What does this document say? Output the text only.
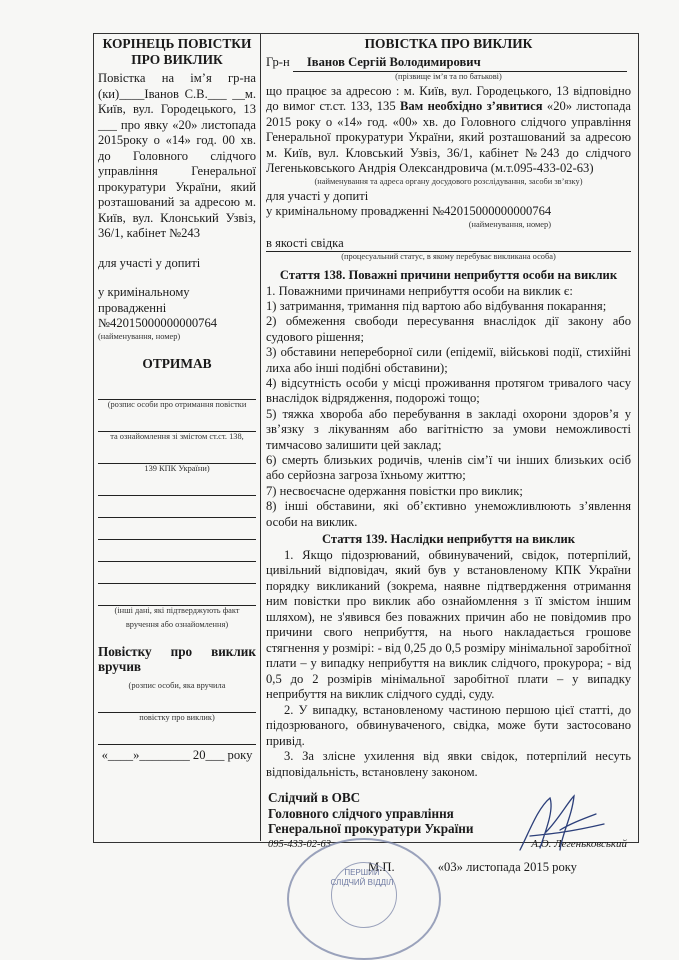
КОРІНЕЦЬ ПОВІСТКИ ПРО ВИКЛИК
Повістка на ім’я гр-на (ки)____Іванов С.В.___ __м. Київ, вул. Городецького, 13 ___ про явку «20» листопада 2015року о «14» год. 00 хв. до Головного слідчого управління Генеральної прокуратури України, який розташований за адресою м. Київ, вул. Клонський Узвіз, 36/1, кабінет №243
для участі у допиті
у кримінальному провадженні №42015000000000764
(найменування, номер)
ОТРИМАВ
(розпис особи про отримання повістки
та ознайомлення зі змістом ст.ст. 138,
139 КПК України)
(інші дані, які підтверджують факт
вручення або ознайомлення)
Повістку про виклик вручив
(розпис особи, яка вручила
повістку про виклик)
«____»________ 20___ року
ПОВІСТКА ПРО ВИКЛИК
Гр-н Іванов Сергій Володимирович
(прізвище ім’я та по батькові)
що працює за адресою : м. Київ, вул. Городецького, 13 відповідно до вимог ст.ст. 133, 135 Вам необхідно з’явитися «20» листопада 2015 року о «14» год. «00» хв. до Головного слідчого управління Генеральної прокуратури України, який розташований за адресою м. Київ, вул. Кловський Узвіз, 36/1, кабінет №243 до слідчого Легеньковського Андрія Олександровича (м.т.095-433-02-63)
(найменування та адреса органу досудового розслідування, засоби зв’язку)
для участі у допиті
у кримінальному провадженні №42015000000000764
(найменування, номер)
в якості свідка
(процесуальний статус, в якому перебуває викликана особа)
Стаття 138. Поважні причини неприбуття особи на виклик
1. Поважними причинами неприбуття особи на виклик є:
1) затримання, тримання під вартою або відбування покарання;
2) обмеження свободи пересування внаслідок дії закону або судового рішення;
3) обставини непереборної сили (епідемії, військові події, стихійні лиха або інші подібні обставини);
4) відсутність особи у місці проживання протягом тривалого часу внаслідок відрядження, подорожі тощо;
5) тяжка хвороба або перебування в закладі охорони здоров’я у зв’язку з лікуванням або вагітністю за умови неможливості тимчасово залишити цей заклад;
6) смерть близьких родичів, членів сім’ї чи інших близьких осіб або серйозна загроза їхньому життю;
7) несвоєчасне одержання повістки про виклик;
8) інші обставини, які об’єктивно унеможливлюють з’явлення особи на виклик.
Стаття 139. Наслідки неприбуття на виклик
1. Якщо підозрюваний, обвинувачений, свідок, потерпілий, цивільний відповідач, який був у встановленому КПК України порядку викликаний (зокрема, наявне підтвердження отримання ним повістки про виклик або ознайомлення з її змістом іншим шляхом), не з'явився без поважних причин або не повідомив про причини свого неприбуття, на нього накладається грошове стягнення у розмірі: - від 0,25 до 0,5 розміру мінімальної заробітної плати – у випадку неприбуття на виклик слідчого, прокурора; - від 0,5 до 2 розмірів мінімальної заробітної плати – у випадку неприбуття на виклик слідчого судді, суду.
2. У випадку, встановленому частиною першою цієї статті, до підозрюваного, обвинуваченого, свідка, може бути застосовано привід.
3. За злісне ухилення від явки свідок, потерпілий несуть відповідальність, встановлену законом.
Слідчий в ОВС
Головного слідчого управління
Генеральної прокуратури України
095-433-02-63	А.О. Легеньковський
М.П.	«03» листопада 2015 року
ПЕРШИЙ СЛІДЧИЙ ВІДДІЛ
